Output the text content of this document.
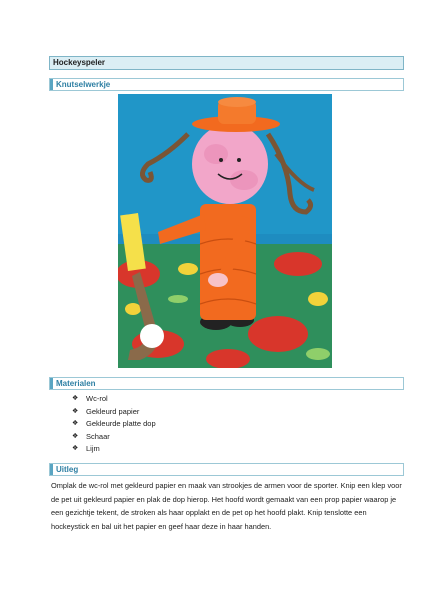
Hockeyspeler
Knutselwerkje
Materialen
❖ Wc-rol
❖ Gekleurd papier
❖ Gekleurde platte dop
❖ Schaar
❖ Lijm
Uitleg
Omplak de wc-rol met gekleurd papier en maak van strookjes de armen voor de sporter. Knip een klep voor de pet uit gekleurd papier en plak de dop hierop. Het hoofd wordt gemaakt van een prop papier waarop je een gezichtje tekent, de stroken als haar opplakt en de pet op het hoofd plakt. Knip tenslotte een hockeystick en bal uit het papier en geef haar deze in haar handen.
